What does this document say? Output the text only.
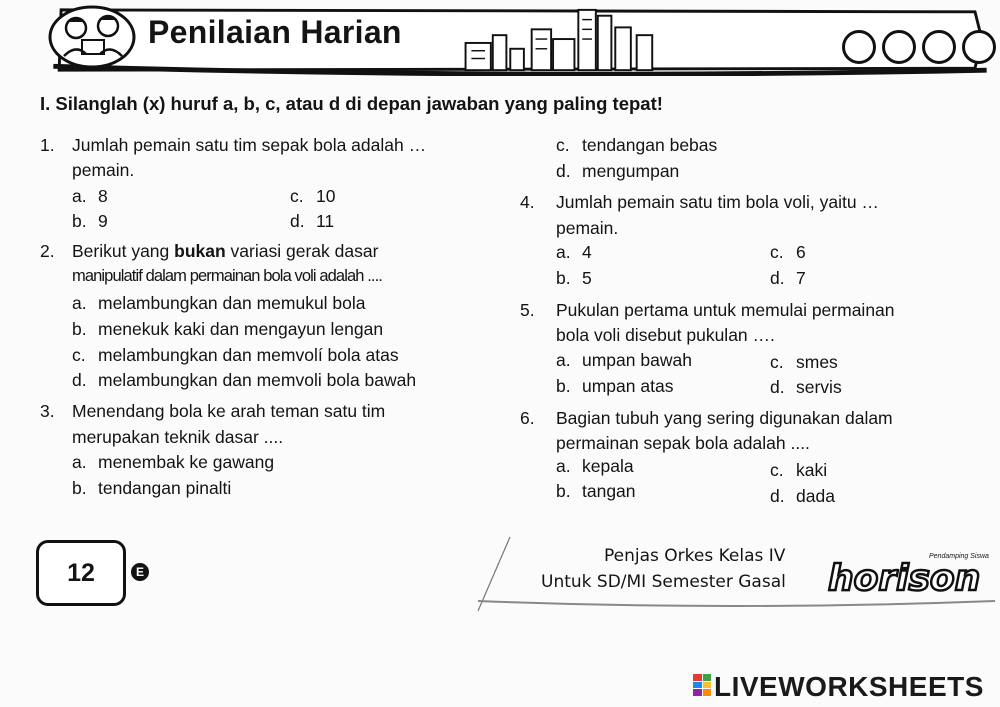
Penilaian Harian
I. Silanglah (x) huruf a, b, c, atau d di depan jawaban yang paling tepat!
1. Jumlah pemain satu tim sepak bola adalah …
pemain.
a. 8
b. 9
c. 10
d. 11
2. Berikut yang bukan variasi gerak dasar
manipulatif dalam permainan bola voli adalah ....
a. melambungkan dan memukul bola
b. menekuk kaki dan mengayun lengan
c. melambungkan dan memvolí bola atas
d. melambungkan dan memvoli bola bawah
3. Menendang bola ke arah teman satu tim
merupakan teknik dasar ....
a. menembak ke gawang
b. tendangan pinalti
c. tendangan bebas
d. mengumpan
4. Jumlah pemain satu tim bola voli, yaitu …
pemain.
a. 4
b. 5
c. 6
d. 7
5. Pukulan pertama untuk memulai permainan
bola voli disebut pukulan ….
a. umpan bawah
b. umpan atas
c. smes
d. servis
6. Bagian tubuh yang sering digunakan dalam
permainan sepak bola adalah ....
a. kepala
b. tangan
c. kaki
d. dada
12	E
Penjas Orkes Kelas IV
Untuk SD/MI Semester Gasal horison
Pendamping Siswa
LIVEWORKSHEETS
